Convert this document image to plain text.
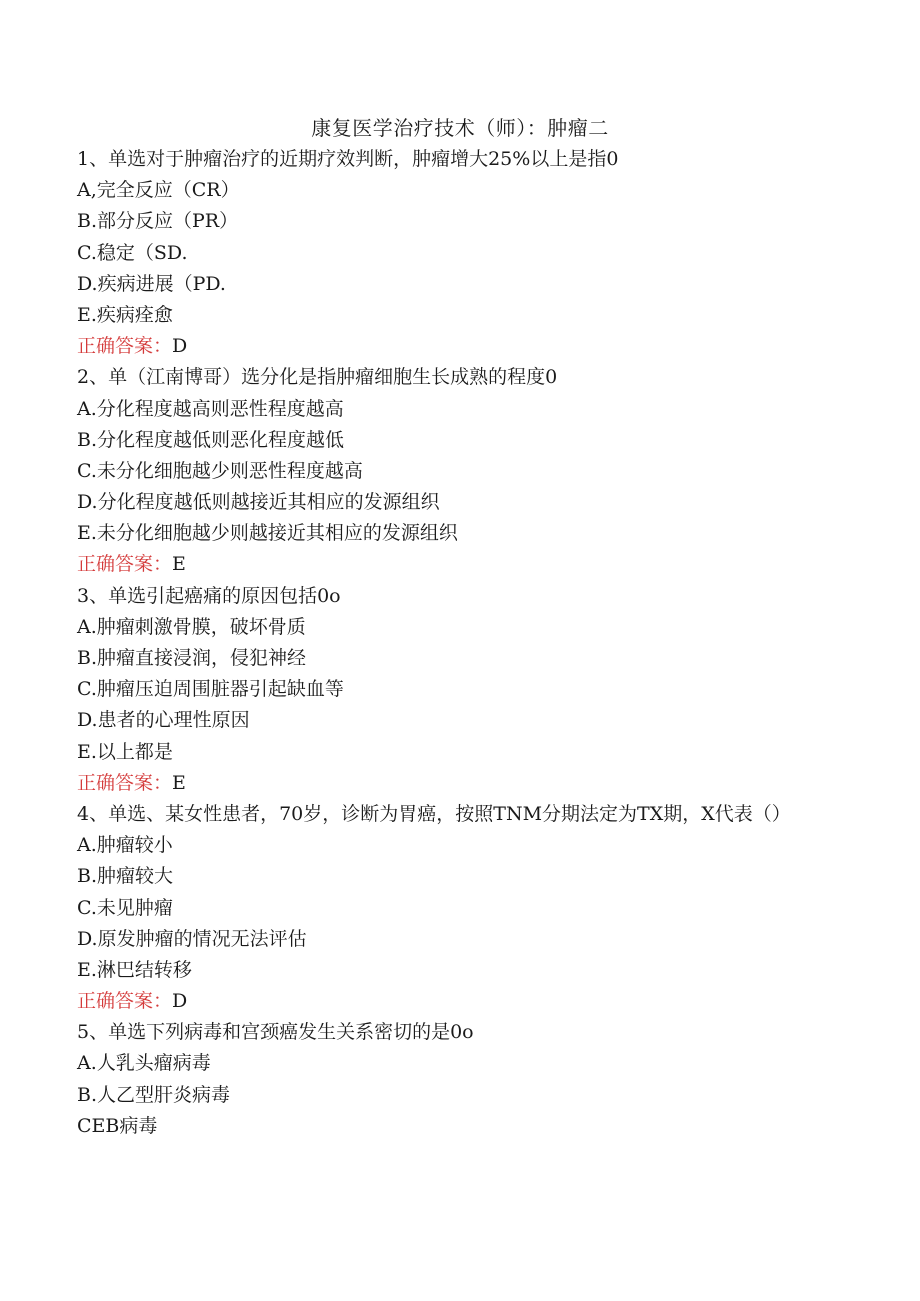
康复医学治疗技术（师）：肿瘤二
1、单选对于肿瘤治疗的近期疗效判断，肿瘤增大25%以上是指0
A,完全反应（CR）
B.部分反应（PR）
C.稳定（SD.
D.疾病进展（PD.
E.疾病痊愈
正确答案：D
2、单（江南博哥）选分化是指肿瘤细胞生长成熟的程度0
A.分化程度越高则恶性程度越高
B.分化程度越低则恶化程度越低
C.未分化细胞越少则恶性程度越高
D.分化程度越低则越接近其相应的发源组织
E.未分化细胞越少则越接近其相应的发源组织
正确答案：E
3、单选引起癌痛的原因包括0o
A.肿瘤刺激骨膜，破坏骨质
B.肿瘤直接浸润，侵犯神经
C.肿瘤压迫周围脏器引起缺血等
D.患者的心理性原因
E.以上都是
正确答案：E
4、单选、某女性患者，70岁，诊断为胃癌，按照TNM分期法定为TX期，X代表（）
A.肿瘤较小
B.肿瘤较大
C.未见肿瘤
D.原发肿瘤的情况无法评估
E.淋巴结转移
正确答案：D
5、单选下列病毒和宫颈癌发生关系密切的是0o
A.人乳头瘤病毒
B.人乙型肝炎病毒
CEB病毒
